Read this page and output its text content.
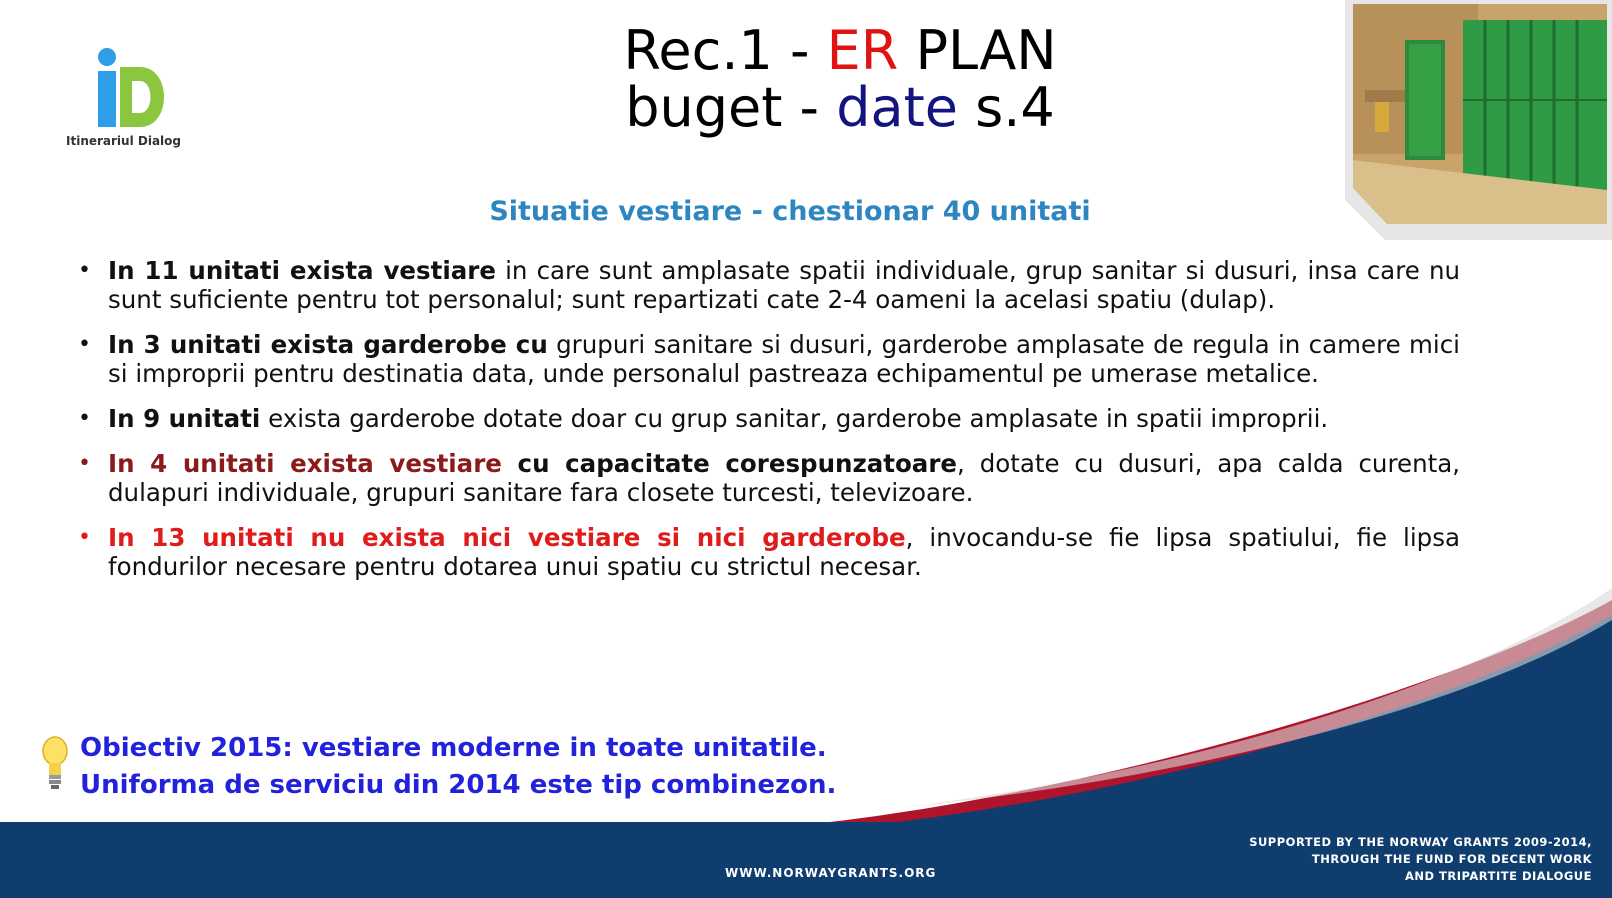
Itinerariul Dialog
Rec.1 - ER PLAN
buget - date s.4
Situatie vestiare - chestionar 40 unitati
• In 11 unitati exista vestiare in care sunt amplasate spatii individuale, grup sanitar si dusuri, insa care nu sunt suficiente pentru tot personalul; sunt repartizati cate 2-4 oameni la acelasi spatiu (dulap).
• In 3 unitati exista garderobe cu grupuri sanitare si dusuri, garderobe amplasate de regula in camere mici si improprii pentru destinatia data, unde personalul pastreaza echipamentul pe umerase metalice.
• In 9 unitati exista garderobe dotate doar cu grup sanitar, garderobe amplasate in spatii improprii.
• In 4 unitati exista vestiare cu capacitate corespunzatoare, dotate cu dusuri, apa calda curenta, dulapuri individuale, grupuri sanitare fara closete turcesti, televizoare.
• In 13 unitati nu exista nici vestiare si nici garderobe, invocandu-se fie lipsa spatiului, fie lipsa fondurilor necesare pentru dotarea unui spatiu cu strictul necesar.
Obiectiv 2015: vestiare moderne in toate unitatile.
Uniforma de serviciu din 2014 este tip combinezon.
WWW.NORWAYGRANTS.ORG
SUPPORTED BY THE NORWAY GRANTS 2009-2014,
THROUGH THE FUND FOR DECENT WORK
AND TRIPARTITE DIALOGUE
